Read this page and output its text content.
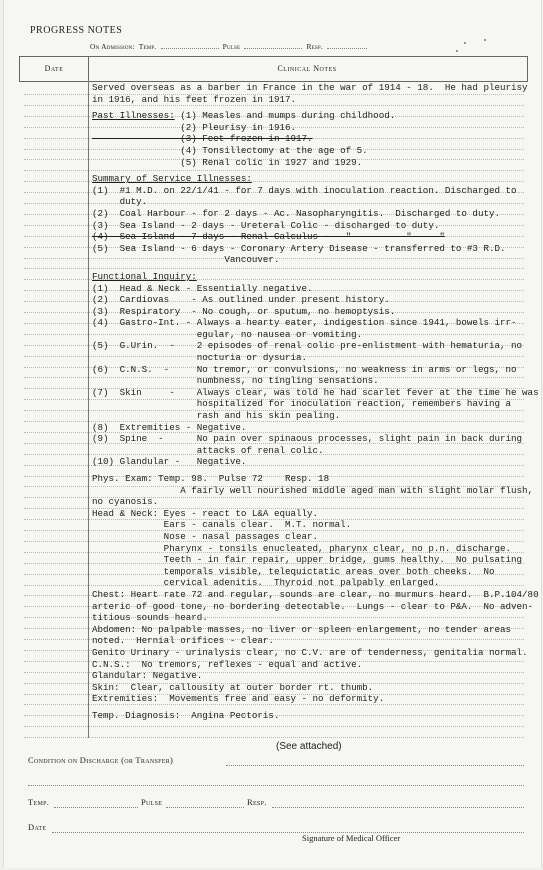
PROGRESS NOTES
On Admission: Temp.	Pulse	Resp.
Date	Clinical Notes
Served overseas as a barber in France in the war of 1914 - 18.  He had pleurisy
in 1916, and his feet frozen in 1917.
Past Illnesses: (1) Measles and mumps during childhood.
(2) Pleurisy in 1916.
(3) Feet frozen in 1917.
(4) Tonsillectomy at the age of 5.
(5) Renal colic in 1927 and 1929.
Summary of Service Illnesses:
(1)  #1 M.D. on 22/1/41 - for 7 days with inoculation reaction. Discharged to
duty.
(2)  Coal Harbour - for 2 days - Ac. Nasopharyngitis.  Discharged to duty.
(3)  Sea Island - 2 days - Ureteral Colic - discharged to duty.
(4)  Sea Island - 7 days - Renal Calculus -   "          "     "
(5)  Sea Island - 6 days - Coronary Artery Disease - transferred to #3 R.D.
Vancouver.
Functional Inquiry:
(1)  Head & Neck - Essentially negative.
(2)  Cardiovas    - As outlined under present history.
(3)  Respiratory  - No cough, or sputum, no hemoptysis.
(4)  Gastro-Int. - Always a hearty eater, indigestion since 1941, bowels irr-
egular, no nausea or vomiting.
(5)  G.Urin.  -    2 episodes of renal colic pre-enlistment with hematuria, no
nocturia or dysuria.
(6)  C.N.S.  -     No tremor, or convulsions, no weakness in arms or legs, no
numbness, no tingling sensations.
(7)  Skin     -    Always clear, was told he had scarlet fever at the time he was
hospitalized for inoculation reaction, remembers having a
rash and his skin pealing.
(8)  Extremities - Negative.
(9)  Spine  -      No pain over spinaous processes, slight pain in back during
attacks of renal colic.
(10) Glandular -   Negative.
Phys. Exam: Temp. 98.  Pulse 72    Resp. 18
A fairly well nourished middle aged man with slight molar flush,
no cyanosis.
Head & Neck: Eyes - react to L&A equally.
Ears - canals clear.  M.T. normal.
Nose - nasal passages clear.
Pharynx - tonsils enucleated, pharynx clear, no p.n. discharge.
Teeth - in fair repair, upper bridge, gums healthy.  No pulsating
temporals visible, telequictatic areas over both cheeks.  No
cervical adenitis.  Thyroid not palpably enlarged.
Chest: Heart rate 72 and regular, sounds are clear, no murmurs heard.  B.P.104/80
arteric of good tone, no bordering detectable.  Lungs - clear to P&A.  No adven-
titious sounds heard.
Abdomen: No palpable masses, no liver or spleen enlargement, no tender areas
noted.  Hernial orifices - clear.
Genito Urinary - urinalysis clear, no C.V. are of tenderness, genitalia normal.
C.N.S.:  No tremors, reflexes - equal and active.
Glandular: Negative.
Skin:  Clear, callousity at outer border rt. thumb.
Extremities:  Movements free and easy - no deformity.
Temp. Diagnosis:  Angina Pectoris.
(See attached)
Condition on Discharge (or Transfer)
Temp.	Pulse	Resp.
Date
Signature of Medical Officer
